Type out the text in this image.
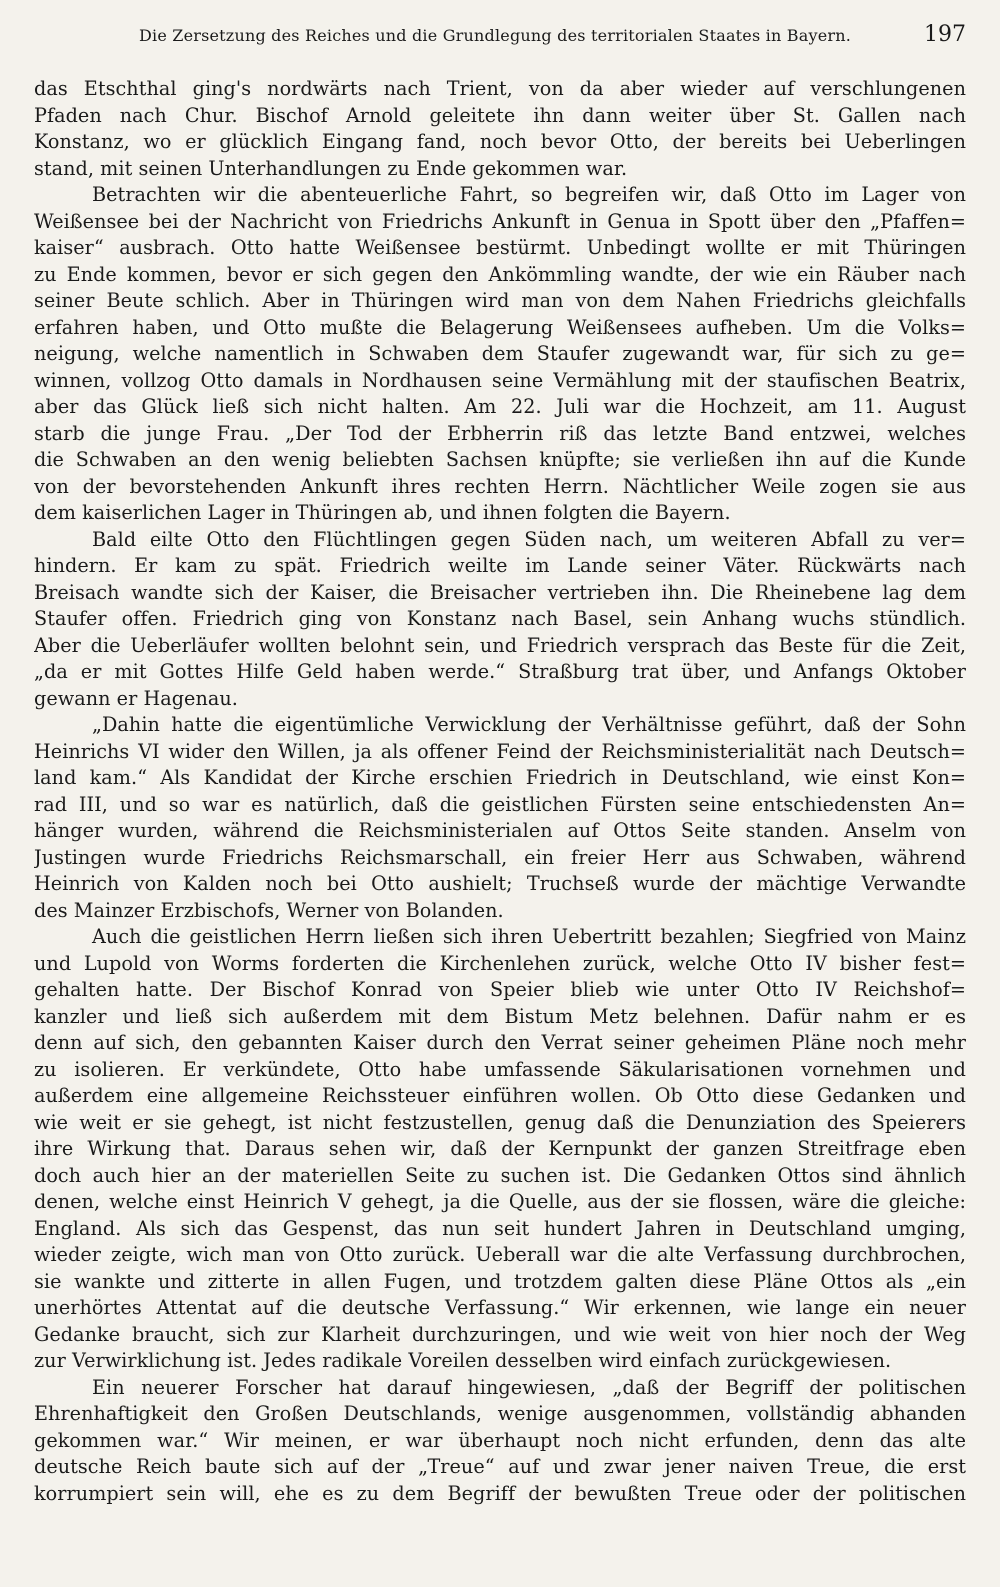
Die Zersetzung des Reiches und die Grundlegung des territorialen Staates in Bayern.	197
das Etschthal ging's nordwärts nach Trient, von da aber wieder auf verschlungenen
Pfaden nach Chur. Bischof Arnold geleitete ihn dann weiter über St. Gallen nach
Konstanz, wo er glücklich Eingang fand, noch bevor Otto, der bereits bei Ueberlingen
stand, mit seinen Unterhandlungen zu Ende gekommen war.
Betrachten wir die abenteuerliche Fahrt, so begreifen wir, daß Otto im Lager von
Weißensee bei der Nachricht von Friedrichs Ankunft in Genua in Spott über den „Pfaffen=
kaiser“ ausbrach. Otto hatte Weißensee bestürmt. Unbedingt wollte er mit Thüringen
zu Ende kommen, bevor er sich gegen den Ankömmling wandte, der wie ein Räuber nach
seiner Beute schlich. Aber in Thüringen wird man von dem Nahen Friedrichs gleichfalls
erfahren haben, und Otto mußte die Belagerung Weißensees aufheben. Um die Volks=
neigung, welche namentlich in Schwaben dem Staufer zugewandt war, für sich zu ge=
winnen, vollzog Otto damals in Nordhausen seine Vermählung mit der staufischen Beatrix,
aber das Glück ließ sich nicht halten. Am 22. Juli war die Hochzeit, am 11. August
starb die junge Frau. „Der Tod der Erbherrin riß das letzte Band entzwei, welches
die Schwaben an den wenig beliebten Sachsen knüpfte; sie verließen ihn auf die Kunde
von der bevorstehenden Ankunft ihres rechten Herrn. Nächtlicher Weile zogen sie aus
dem kaiserlichen Lager in Thüringen ab, und ihnen folgten die Bayern.
Bald eilte Otto den Flüchtlingen gegen Süden nach, um weiteren Abfall zu ver=
hindern. Er kam zu spät. Friedrich weilte im Lande seiner Väter. Rückwärts nach
Breisach wandte sich der Kaiser, die Breisacher vertrieben ihn. Die Rheinebene lag dem
Staufer offen. Friedrich ging von Konstanz nach Basel, sein Anhang wuchs stündlich.
Aber die Ueberläufer wollten belohnt sein, und Friedrich versprach das Beste für die Zeit,
„da er mit Gottes Hilfe Geld haben werde.“ Straßburg trat über, und Anfangs Oktober
gewann er Hagenau.
„Dahin hatte die eigentümliche Verwicklung der Verhältnisse geführt, daß der Sohn
Heinrichs VI wider den Willen, ja als offener Feind der Reichsministerialität nach Deutsch=
land kam.“ Als Kandidat der Kirche erschien Friedrich in Deutschland, wie einst Kon=
rad III, und so war es natürlich, daß die geistlichen Fürsten seine entschiedensten An=
hänger wurden, während die Reichsministerialen auf Ottos Seite standen. Anselm von
Justingen wurde Friedrichs Reichsmarschall, ein freier Herr aus Schwaben, während
Heinrich von Kalden noch bei Otto aushielt; Truchseß wurde der mächtige Verwandte
des Mainzer Erzbischofs, Werner von Bolanden.
Auch die geistlichen Herrn ließen sich ihren Uebertritt bezahlen; Siegfried von Mainz
und Lupold von Worms forderten die Kirchenlehen zurück, welche Otto IV bisher fest=
gehalten hatte. Der Bischof Konrad von Speier blieb wie unter Otto IV Reichshof=
kanzler und ließ sich außerdem mit dem Bistum Metz belehnen. Dafür nahm er es
denn auf sich, den gebannten Kaiser durch den Verrat seiner geheimen Pläne noch mehr
zu isolieren. Er verkündete, Otto habe umfassende Säkularisationen vornehmen und
außerdem eine allgemeine Reichssteuer einführen wollen. Ob Otto diese Gedanken und
wie weit er sie gehegt, ist nicht festzustellen, genug daß die Denunziation des Speierers
ihre Wirkung that. Daraus sehen wir, daß der Kernpunkt der ganzen Streitfrage eben
doch auch hier an der materiellen Seite zu suchen ist. Die Gedanken Ottos sind ähnlich
denen, welche einst Heinrich V gehegt, ja die Quelle, aus der sie flossen, wäre die gleiche:
England. Als sich das Gespenst, das nun seit hundert Jahren in Deutschland umging,
wieder zeigte, wich man von Otto zurück. Ueberall war die alte Verfassung durchbrochen,
sie wankte und zitterte in allen Fugen, und trotzdem galten diese Pläne Ottos als „ein
unerhörtes Attentat auf die deutsche Verfassung.“ Wir erkennen, wie lange ein neuer
Gedanke braucht, sich zur Klarheit durchzuringen, und wie weit von hier noch der Weg
zur Verwirklichung ist. Jedes radikale Voreilen desselben wird einfach zurückgewiesen.
Ein neuerer Forscher hat darauf hingewiesen, „daß der Begriff der politischen
Ehrenhaftigkeit den Großen Deutschlands, wenige ausgenommen, vollständig abhanden
gekommen war.“ Wir meinen, er war überhaupt noch nicht erfunden, denn das alte
deutsche Reich baute sich auf der „Treue“ auf und zwar jener naiven Treue, die erst
korrumpiert sein will, ehe es zu dem Begriff der bewußten Treue oder der politischen
